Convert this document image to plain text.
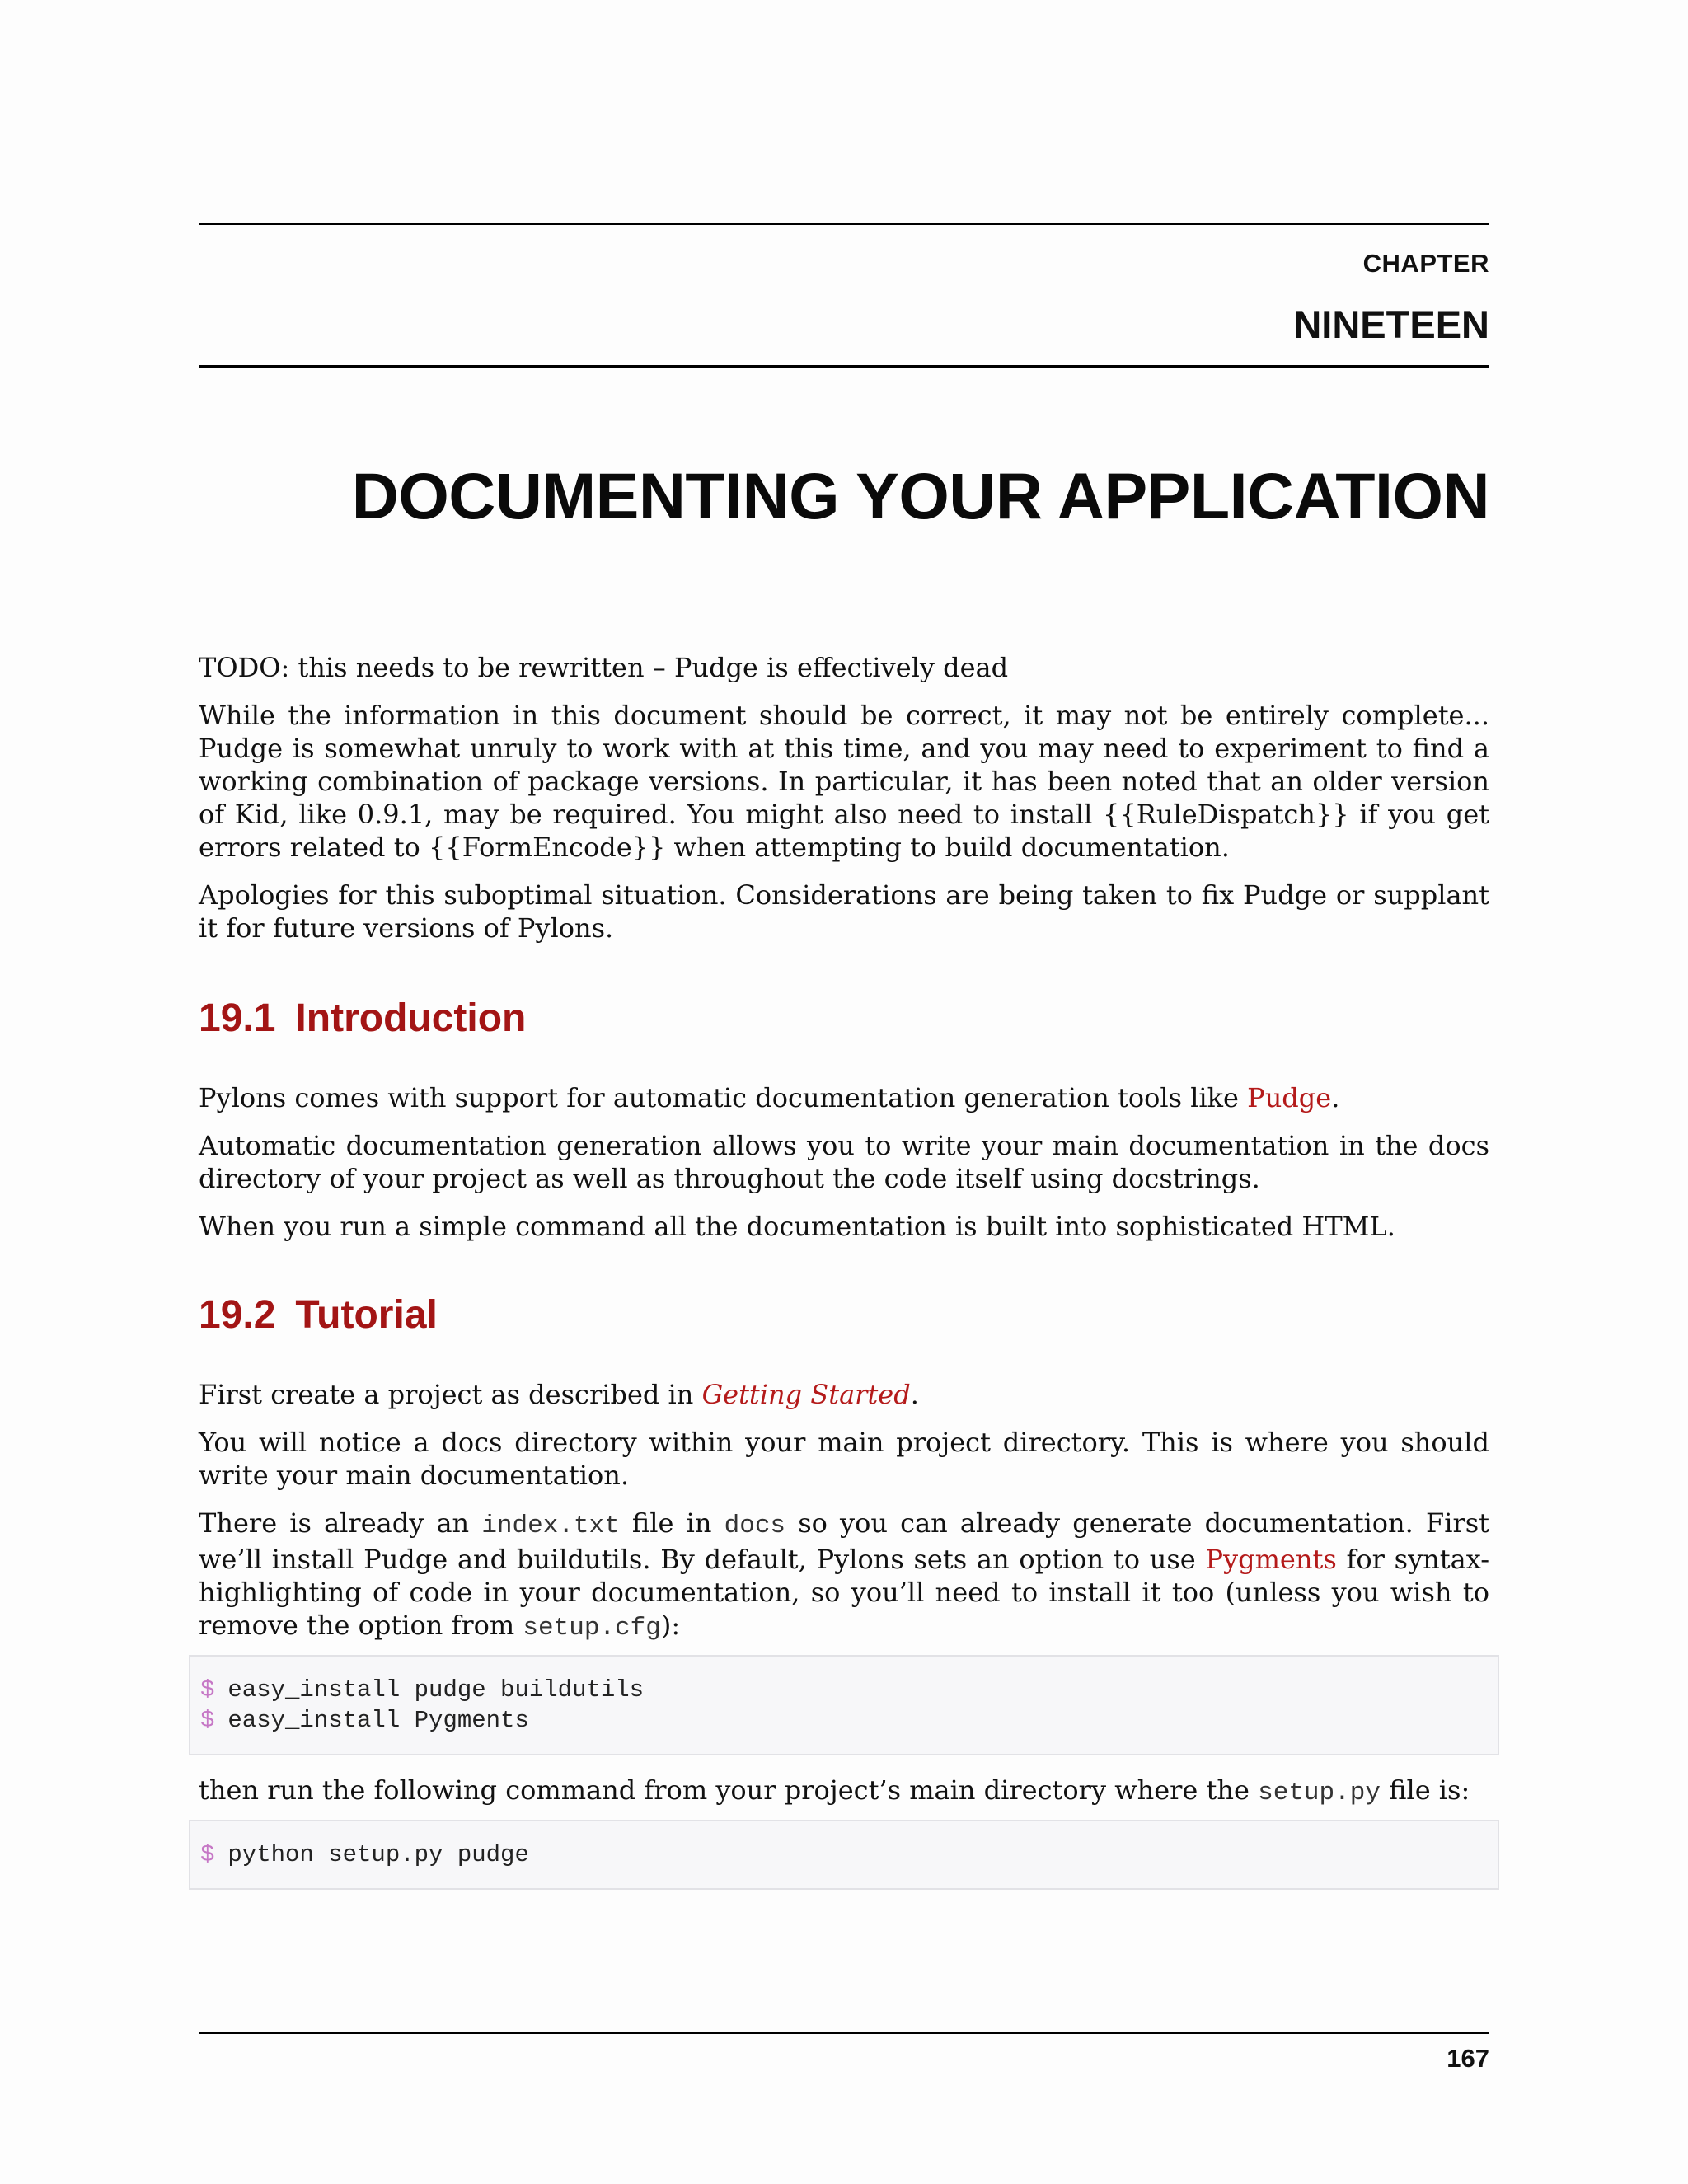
CHAPTER
NINETEEN
DOCUMENTING YOUR APPLICATION

TODO: this needs to be rewritten – Pudge is effectively dead

While the information in this document should be correct, it may not be entirely complete... Pudge is somewhat unruly to work with at this time, and you may need to experiment to find a working combination of package versions. In particular, it has been noted that an older version of Kid, like 0.9.1, may be required. You might also need to install {{RuleDispatch}} if you get errors related to {{FormEncode}} when attempting to build documentation.

Apologies for this suboptimal situation. Considerations are being taken to fix Pudge or supplant it for future versions of Pylons.

19.1 Introduction

Pylons comes with support for automatic documentation generation tools like Pudge.

Automatic documentation generation allows you to write your main documentation in the docs directory of your project as well as throughout the code itself using docstrings.

When you run a simple command all the documentation is built into sophisticated HTML.

19.2 Tutorial

First create a project as described in Getting Started.

You will notice a docs directory within your main project directory. This is where you should write your main documentation.

There is already an index.txt file in docs so you can already generate documentation. First we’ll install Pudge and buildutils. By default, Pylons sets an option to use Pygments for syntax-highlighting of code in your documentation, so you’ll need to install it too (unless you wish to remove the option from setup.cfg):

$ easy_install pudge buildutils
$ easy_install Pygments

then run the following command from your project’s main directory where the setup.py file is:

$ python setup.py pudge
167
